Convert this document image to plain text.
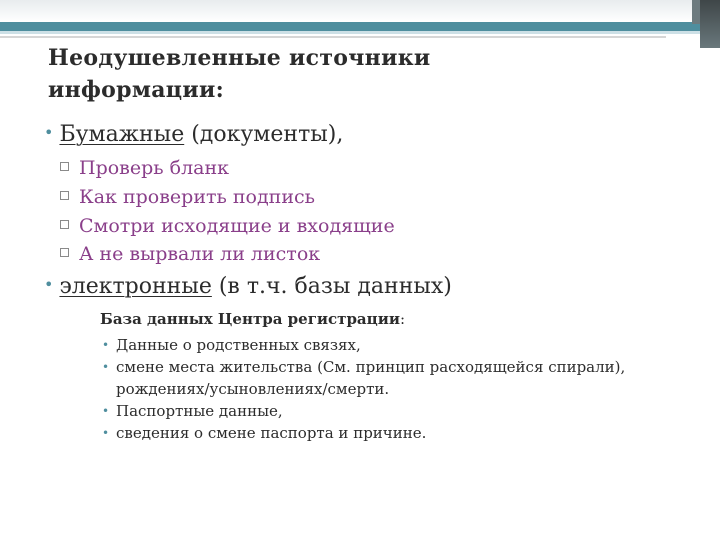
Неодушевленные источники
информации:
• Бумажные (документы),
Проверь бланк
Как проверить подпись
Смотри исходящие и входящие
А не вырвали ли листок
• электронные (в т.ч. базы данных)
База данных Центра регистрации:
• Данные о родственных связях,
• смене места жительства (См. принцип расходящейся спирали), рождениях/усыновлениях/смерти.
• Паспортные данные,
• сведения о смене паспорта и причине.
